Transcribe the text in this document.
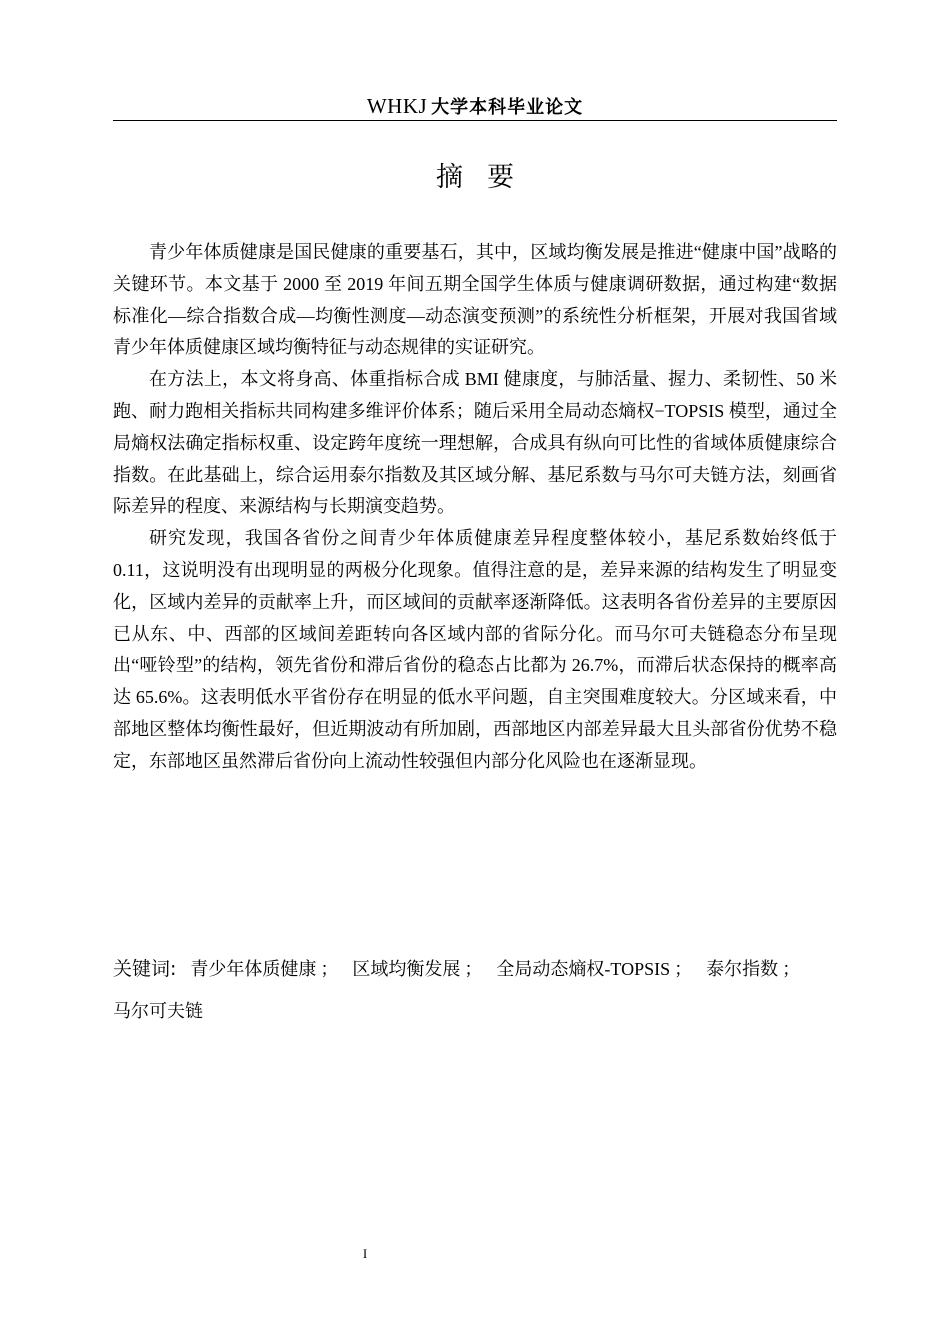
WHKJ 大学本科毕业论文
摘要

青少年体质健康是国民健康的重要基石，其中，区域均衡发展是推进“健康中国”战略的关键环节。本文基于 2000 至 2019 年间五期全国学生体质与健康调研数据，通过构建“数据标准化—综合指数合成—均衡性测度—动态演变预测”的系统性分析框架，开展对我国省域青少年体质健康区域均衡特征与动态规律的实证研究。

在方法上，本文将身高、体重指标合成 BMI 健康度，与肺活量、握力、柔韧性、50 米跑、耐力跑相关指标共同构建多维评价体系；随后采用全局动态熵权−TOPSIS 模型，通过全局熵权法确定指标权重、设定跨年度统一理想解，合成具有纵向可比性的省域体质健康综合指数。在此基础上，综合运用泰尔指数及其区域分解、基尼系数与马尔可夫链方法，刻画省际差异的程度、来源结构与长期演变趋势。

研究发现，我国各省份之间青少年体质健康差异程度整体较小，基尼系数始终低于 0.11，这说明没有出现明显的两极分化现象。值得注意的是，差异来源的结构发生了明显变化，区域内差异的贡献率上升，而区域间的贡献率逐渐降低。这表明各省份差异的主要原因已从东、中、西部的区域间差距转向各区域内部的省际分化。而马尔可夫链稳态分布呈现出“哑铃型”的结构，领先省份和滞后省份的稳态占比都为 26.7%，而滞后状态保持的概率高达 65.6%。这表明低水平省份存在明显的低水平问题，自主突围难度较大。分区域来看，中部地区整体均衡性最好，但近期波动有所加剧，西部地区内部差异最大且头部省份优势不稳定，东部地区虽然滞后省份向上流动性较强但内部分化风险也在逐渐显现。

关键词: 青少年体质健康 ； 区域均衡发展 ； 全局动态熵权-TOPSIS ； 泰尔指数 ；
马尔可夫链
I
